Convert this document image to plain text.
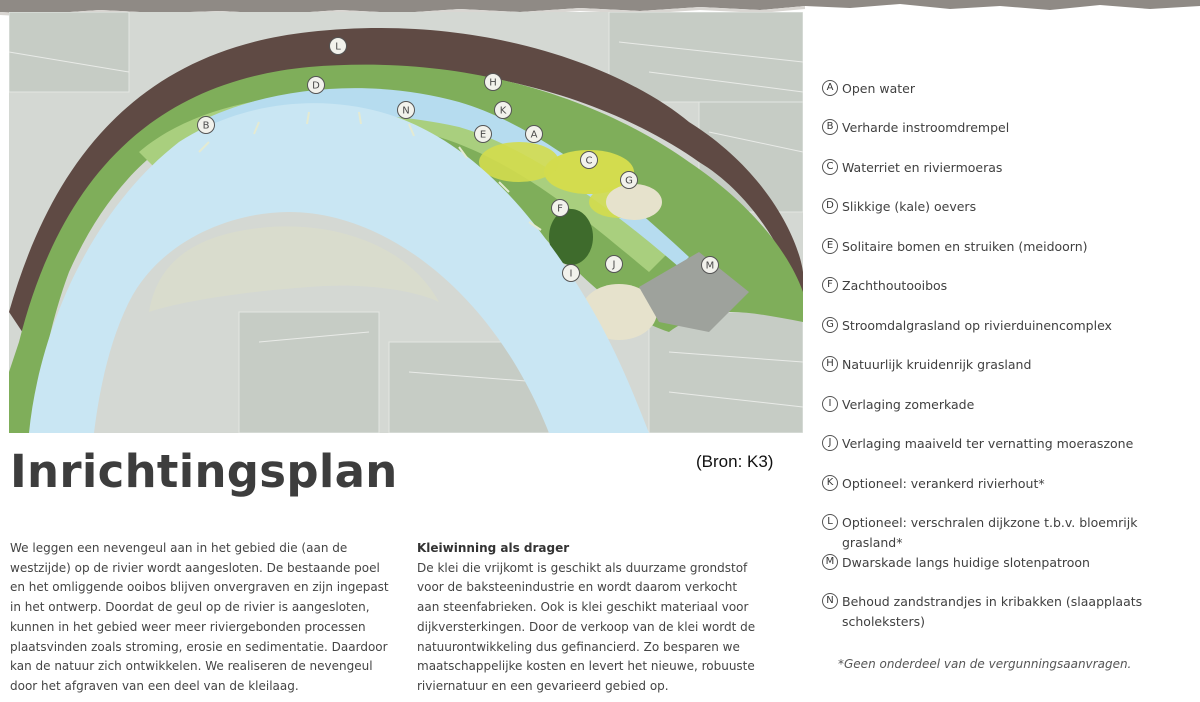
L
D
B
N
H
K
A
E
C
G
F
I
J	M
Inrichtingsplan	(Bron: K3)
We leggen een nevengeul aan in het gebied die (aan de
westzijde) op de rivier wordt aangesloten. De bestaande poel
en het omliggende ooibos blijven onvergraven en zijn ingepast
in het ontwerp. Doordat de geul op de rivier is aangesloten,
kunnen in het gebied weer meer riviergebonden processen
plaatsvinden zoals stroming, erosie en sedimentatie. Daardoor
kan de natuur zich ontwikkelen. We realiseren de nevengeul
door het afgraven van een deel van de kleilaag.
Kleiwinning als drager
De klei die vrijkomt is geschikt als duurzame grondstof
voor de baksteenindustrie en wordt daarom verkocht
aan steenfabrieken. Ook is klei geschikt materiaal voor
dijkversterkingen. Door de verkoop van de klei wordt de
natuurontwikkeling dus gefinancierd. Zo besparen we
maatschappelijke kosten en levert het nieuwe, robuuste
riviernatuur en een gevarieerd gebied op.
A Open water
B Verharde instroomdrempel
C Waterriet en riviermoeras
D Slikkige (kale) oevers
E Solitaire bomen en struiken (meidoorn)
F Zachthoutooibos
G Stroomdalgrasland op rivierduinencomplex
H Natuurlijk kruidenrijk grasland
I Verlaging zomerkade
J Verlaging maaiveld ter vernatting moeraszone
K Optioneel: verankerd rivierhout*
L Optioneel: verschralen dijkzone t.b.v. bloemrijk grasland*
M Dwarskade langs huidige slotenpatroon
N Behoud zandstrandjes in kribakken (slaapplaats scholeksters)
*Geen onderdeel van de vergunningsaanvragen.
